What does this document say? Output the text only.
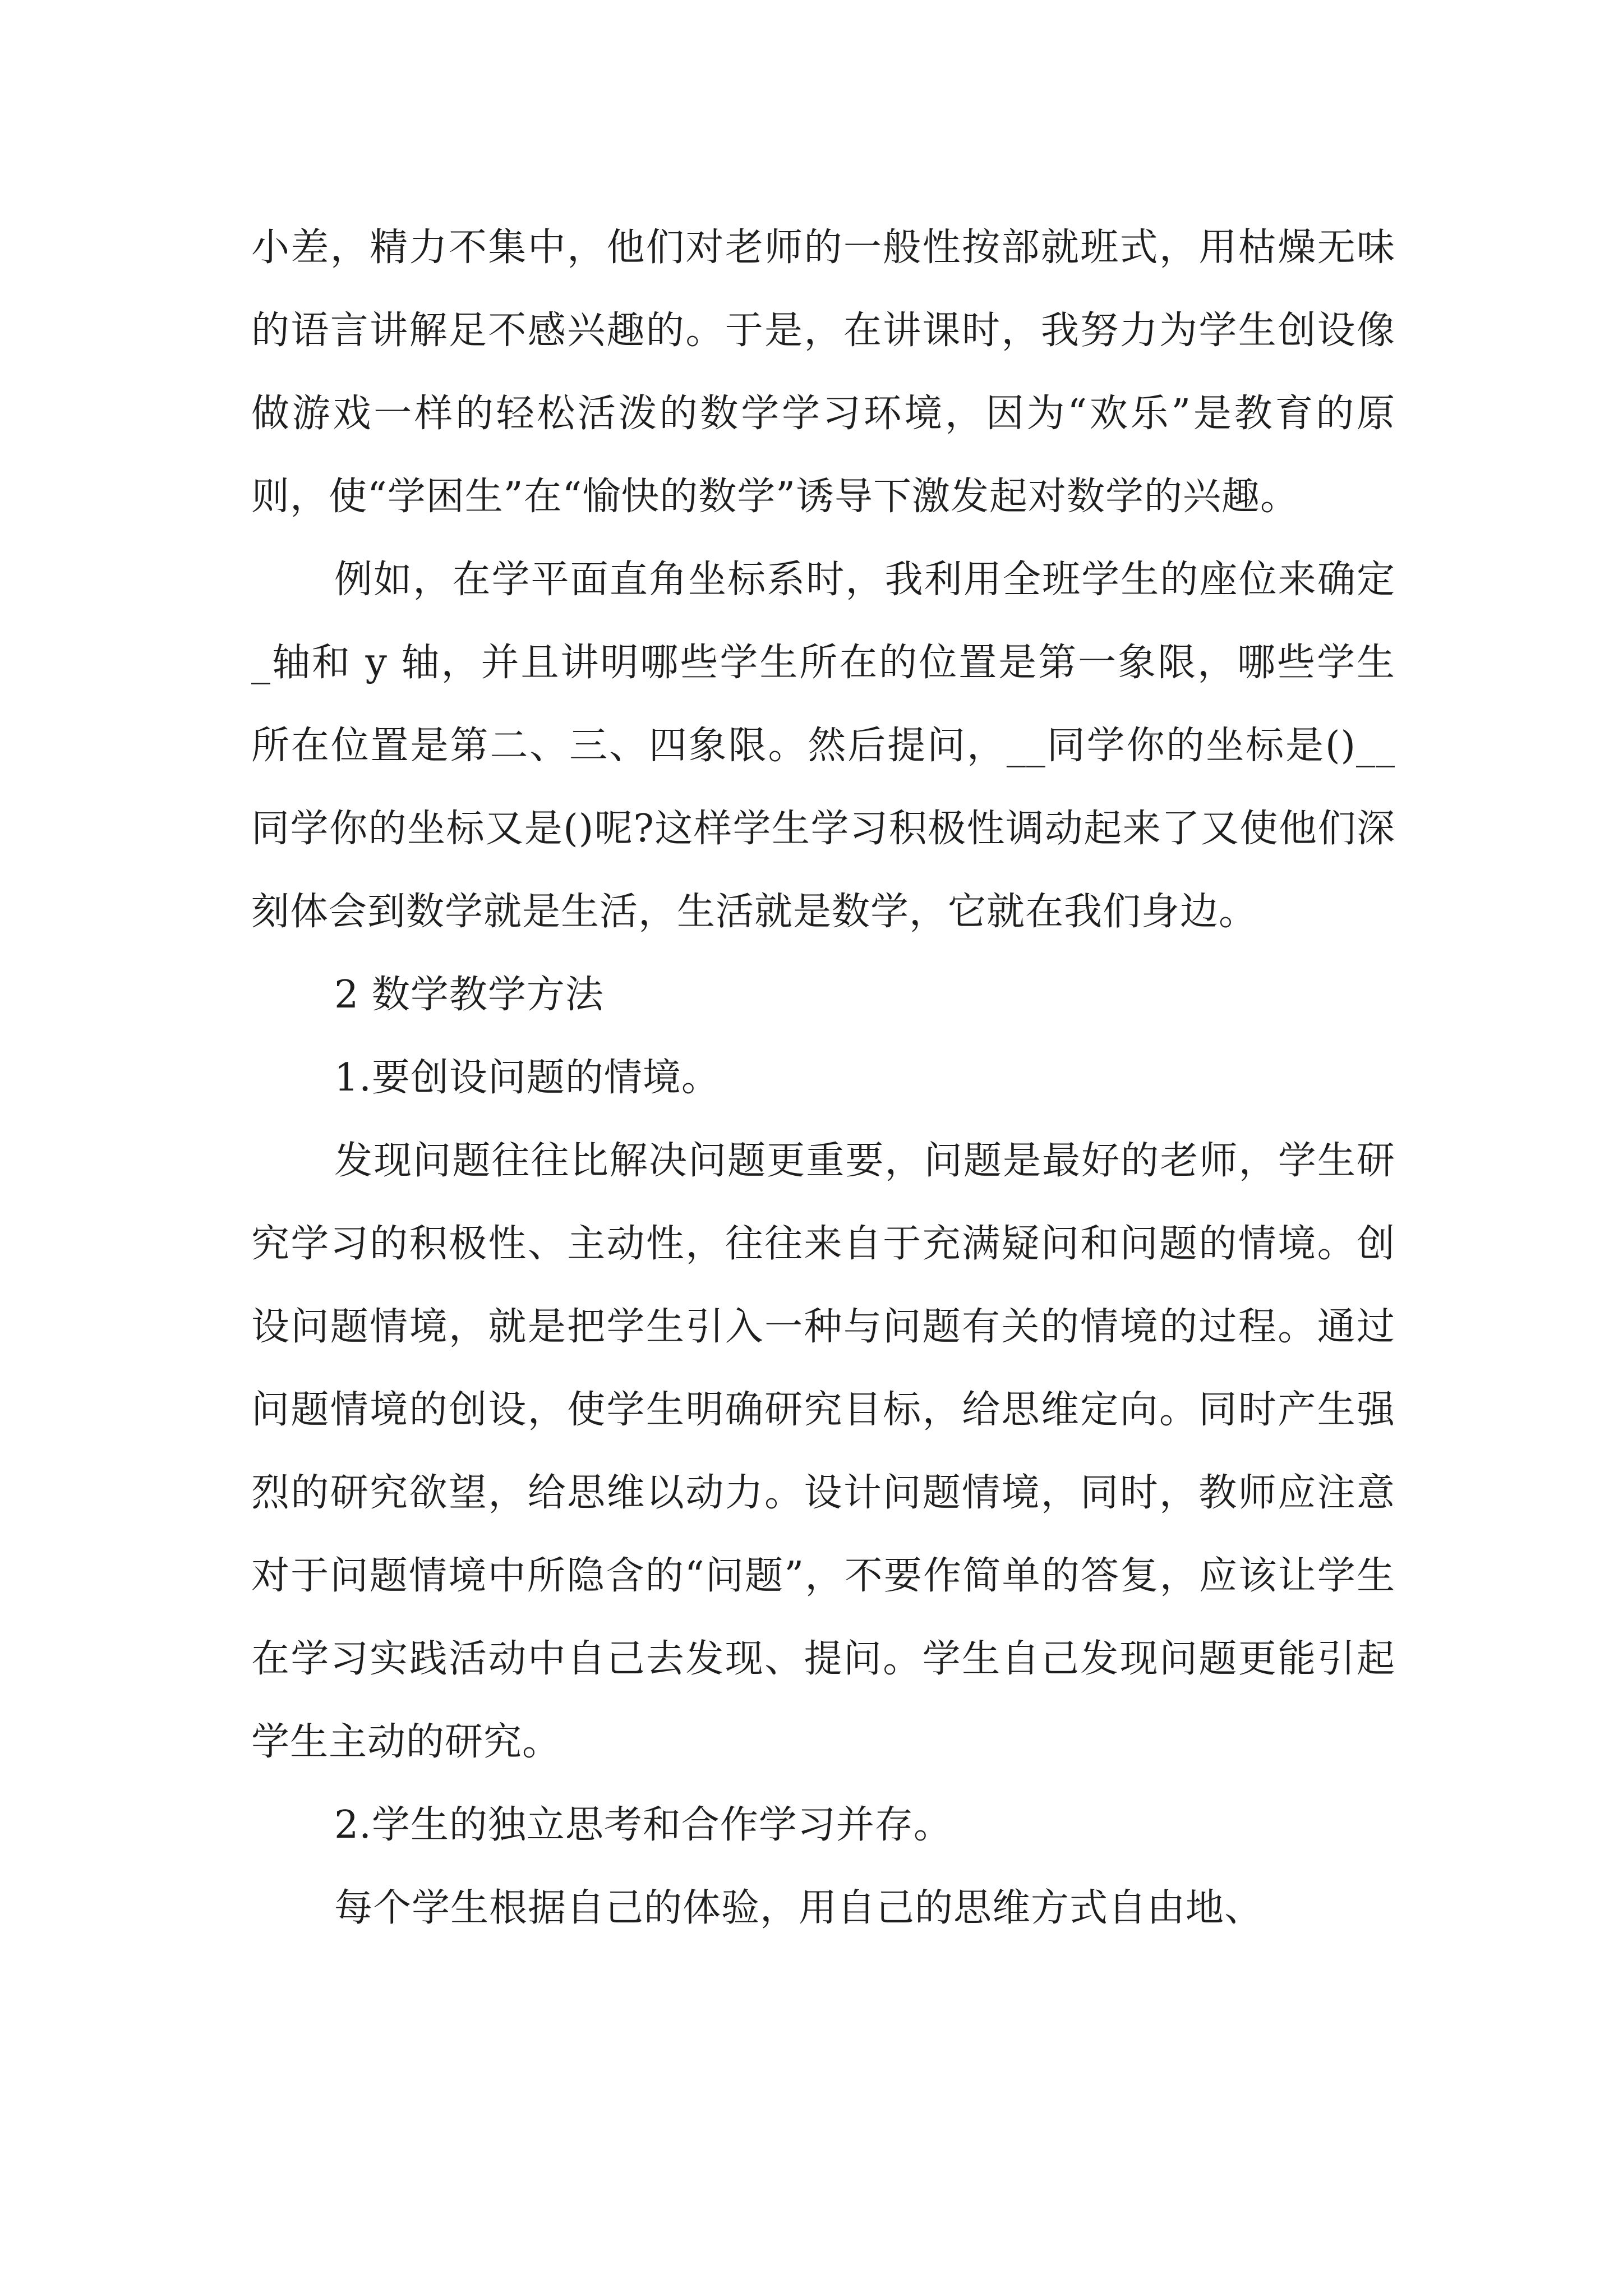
小差，精力不集中，他们对老师的一般性按部就班式，用枯燥无味的语言讲解足不感兴趣的。于是，在讲课时，我努力为学生创设像做游戏一样的轻松活泼的数学学习环境，因为“欢乐”是教育的原则，使“学困生”在“愉快的数学”诱导下激发起对数学的兴趣。

例如，在学平面直角坐标系时，我利用全班学生的座位来确定_轴和 y 轴，并且讲明哪些学生所在的位置是第一象限，哪些学生所在位置是第二、三、四象限。然后提问，__同学你的坐标是()__同学你的坐标又是()呢?这样学生学习积极性调动起来了又使他们深刻体会到数学就是生活，生活就是数学，它就在我们身边。

2 数学教学方法

1.要创设问题的情境。

发现问题往往比解决问题更重要，问题是最好的老师，学生研究学习的积极性、主动性，往往来自于充满疑问和问题的情境。创设问题情境，就是把学生引入一种与问题有关的情境的过程。通过问题情境的创设，使学生明确研究目标，给思维定向。同时产生强烈的研究欲望，给思维以动力。设计问题情境，同时，教师应注意对于问题情境中所隐含的“问题”，不要作简单的答复，应该让学生在学习实践活动中自己去发现、提问。学生自己发现问题更能引起学生主动的研究。

2.学生的独立思考和合作学习并存。

每个学生根据自己的体验，用自己的思维方式自由地、
